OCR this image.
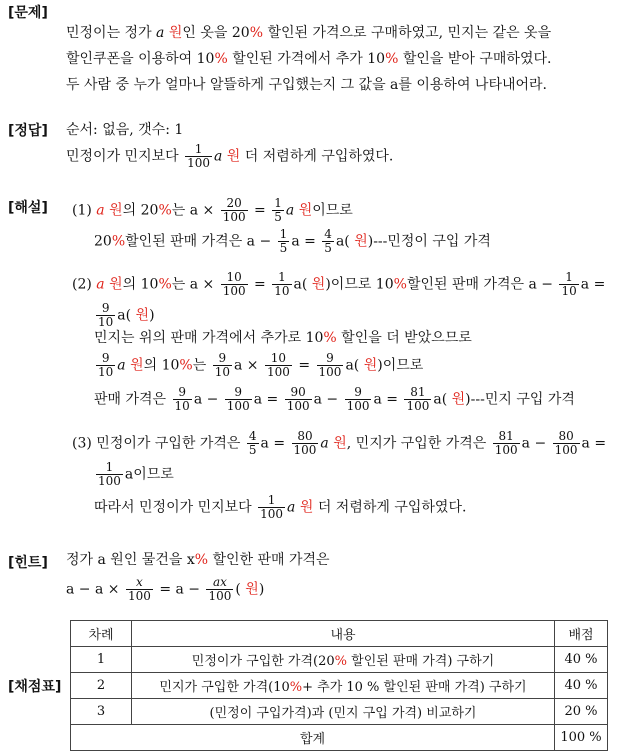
[문제]
[정답]
[해설]
[힌트]
[채점표]
민정이는 정가 a 원인 옷을 20% 할인된 가격으로 구매하였고, 민지는 같은 옷을
할인쿠폰을 이용하여 10% 할인된 가격에서 추가 10% 할인을 받아 구매하였다.
두 사람 중 누가 얼마나 알뜰하게 구입했는지 그 값을 a를 이용하여 나타내어라.
순서: 없음, 갯수: 1
민정이가 민지보다 $\frac{1}{100}$ a 원 더 저렴하게 구입하였다.
(1) a 원의 20%는 $a \times \frac{20}{100} = \frac{1}{5}$ a 원이므로
20%할인된 판매 가격은 $a - \frac{1}{5}$ $a = \frac{4}{5} a$( 원)---민정이 구입 가격
(2) a 원의 10%는 $a \times \frac{10}{100} = \frac{1}{10} a$( 원)이므로 10%할인된 판매 가격은 $a - \frac{1}{10}$ a =
$\frac{9}{10} a$( 원)
민지는 위의 판매 가격에서 추가로 10% 할인을 더 받았으므로
$\frac{9}{10}$ a 원의 10%는 $\frac{9}{10}$ $a \times \frac{10}{100} = \frac{9}{100} a$( 원)이므로
판매 가격은 $\frac{9}{10}$ $a - \frac{9}{100}$ $a = \frac{90}{100}$ $a - \frac{9}{100}$ $a = \frac{81}{100} a$( 원)---민지 구입 가격
(3) 민정이가 구입한 가격은 $\frac{4}{5}$ $a = \frac{80}{100}$ a 원, 민지가 구입한 가격은 $\frac{81}{100}$ $a - \frac{80}{100}$ a =
$\frac{1}{100}$ a이므로
따라서 민정이가 민지보다 $\frac{1}{100}$ a 원 더 저렴하게 구입하였다.
정가 a 원인 물건을 x% 할인한 판매 가격은
$a - a \times \frac{x}{100} = a - \frac{ax}{100}$ ( 원)
차례	내용	배점
1	민정이가 구입한 가격(20% 할인된 판매 가격) 구하기	40 %
2	민지가 구입한 가격(10%+ 추가 10 % 할인된 판매 가격) 구하기	40 %
3	(민정이 구입가격)과 (민지 구입 가격) 비교하기	20 %
합계		100 %
